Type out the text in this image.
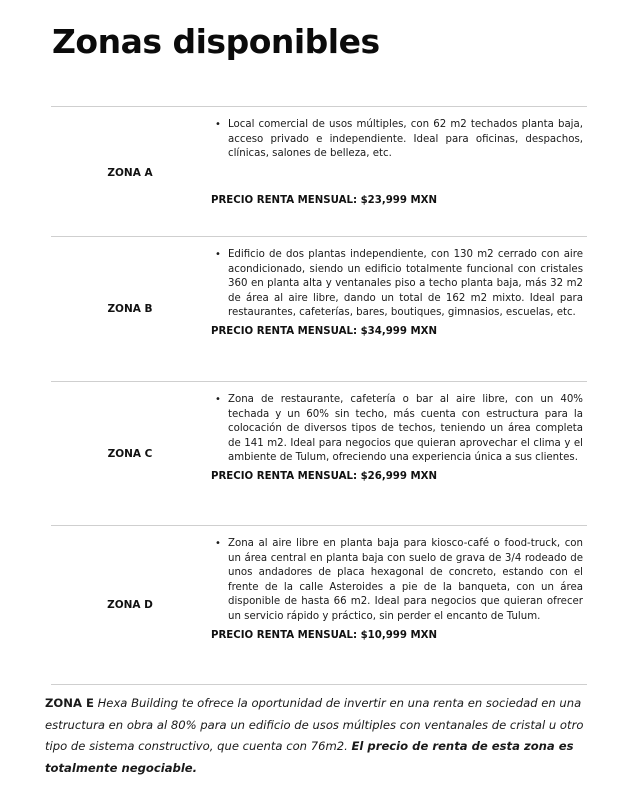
Zonas disponibles
ZONA A
• Local comercial de usos múltiples, con 62 m2 techados planta baja, acceso privado e independiente. Ideal para oficinas, despachos, clínicas, salones de belleza, etc.
PRECIO RENTA MENSUAL: $23,999 MXN
ZONA B
• Edificio de dos plantas independiente, con 130 m2 cerrado con aire acondicionado, siendo un edificio totalmente funcional con cristales 360 en planta alta y ventanales piso a techo planta baja, más 32 m2 de área al aire libre, dando un total de 162 m2 mixto. Ideal para restaurantes, cafeterías, bares, boutiques, gimnasios, escuelas, etc.
PRECIO RENTA MENSUAL: $34,999 MXN
ZONA C
• Zona de restaurante, cafetería o bar al aire libre, con un 40% techada y un 60% sin techo, más cuenta con estructura para la colocación de diversos tipos de techos, teniendo un área completa de 141 m2. Ideal para negocios que quieran aprovechar el clima y el ambiente de Tulum, ofreciendo una experiencia única a sus clientes.
PRECIO RENTA MENSUAL: $26,999 MXN
ZONA D
• Zona al aire libre en planta baja para kiosco-café o food-truck, con un área central en planta baja con suelo de grava de 3/4 rodeado de unos andadores de placa hexagonal de concreto, estando con el frente de la calle Asteroides a pie de la banqueta, con un área disponible de hasta 66 m2. Ideal para negocios que quieran ofrecer un servicio rápido y práctico, sin perder el encanto de Tulum.
PRECIO RENTA MENSUAL: $10,999 MXN

ZONA E Hexa Building te ofrece la oportunidad de invertir en una renta en sociedad en una estructura en obra al 80% para un edificio de usos múltiples con ventanales de cristal u otro tipo de sistema constructivo, que cuenta con 76m2. El precio de renta de esta zona es totalmente negociable.
